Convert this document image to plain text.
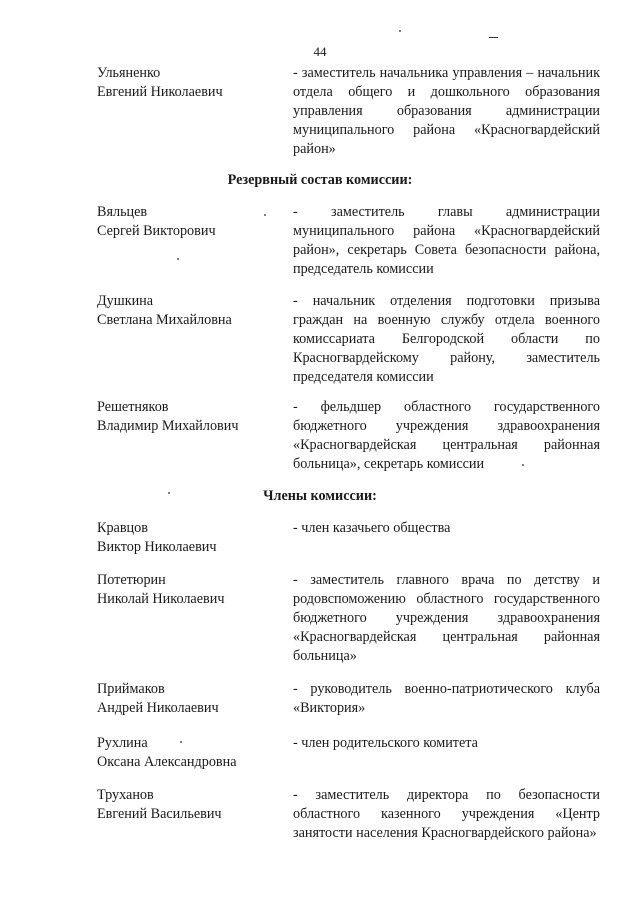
44
Ульяненко
Евгений Николаевич
- заместитель начальника управления – начальник отдела общего и дошкольного образования управления образования администрации муниципального района «Красногвардейский район»
Резервный состав комиссии:
Вяльцев
Сергей Викторович
- заместитель главы администрации муниципального района «Красногвардейский район», секретарь Совета безопасности района, председатель комиссии
Душкина
Светлана Михайловна
- начальник отделения подготовки призыва граждан на военную службу отдела военного комиссариата Белгородской области по Красногвардейскому району, заместитель председателя комиссии
Решетняков
Владимир Михайлович
- фельдшер областного государственного бюджетного учреждения здравоохранения «Красногвардейская центральная районная больница», секретарь комиссии
Члены комиссии:
Кравцов
Виктор Николаевич
- член казачьего общества
Потетюрин
Николай Николаевич
- заместитель главного врача по детству и родовспоможению областного государственного бюджетного учреждения здравоохранения «Красногвардейская центральная районная больница»
Приймаков
Андрей Николаевич
- руководитель военно-патриотического клуба «Виктория»
Рухлина
Оксана Александровна
- член родительского комитета
Труханов
Евгений Васильевич
- заместитель директора по безопасности областного казенного учреждения «Центр занятости населения Красногвардейского района»
